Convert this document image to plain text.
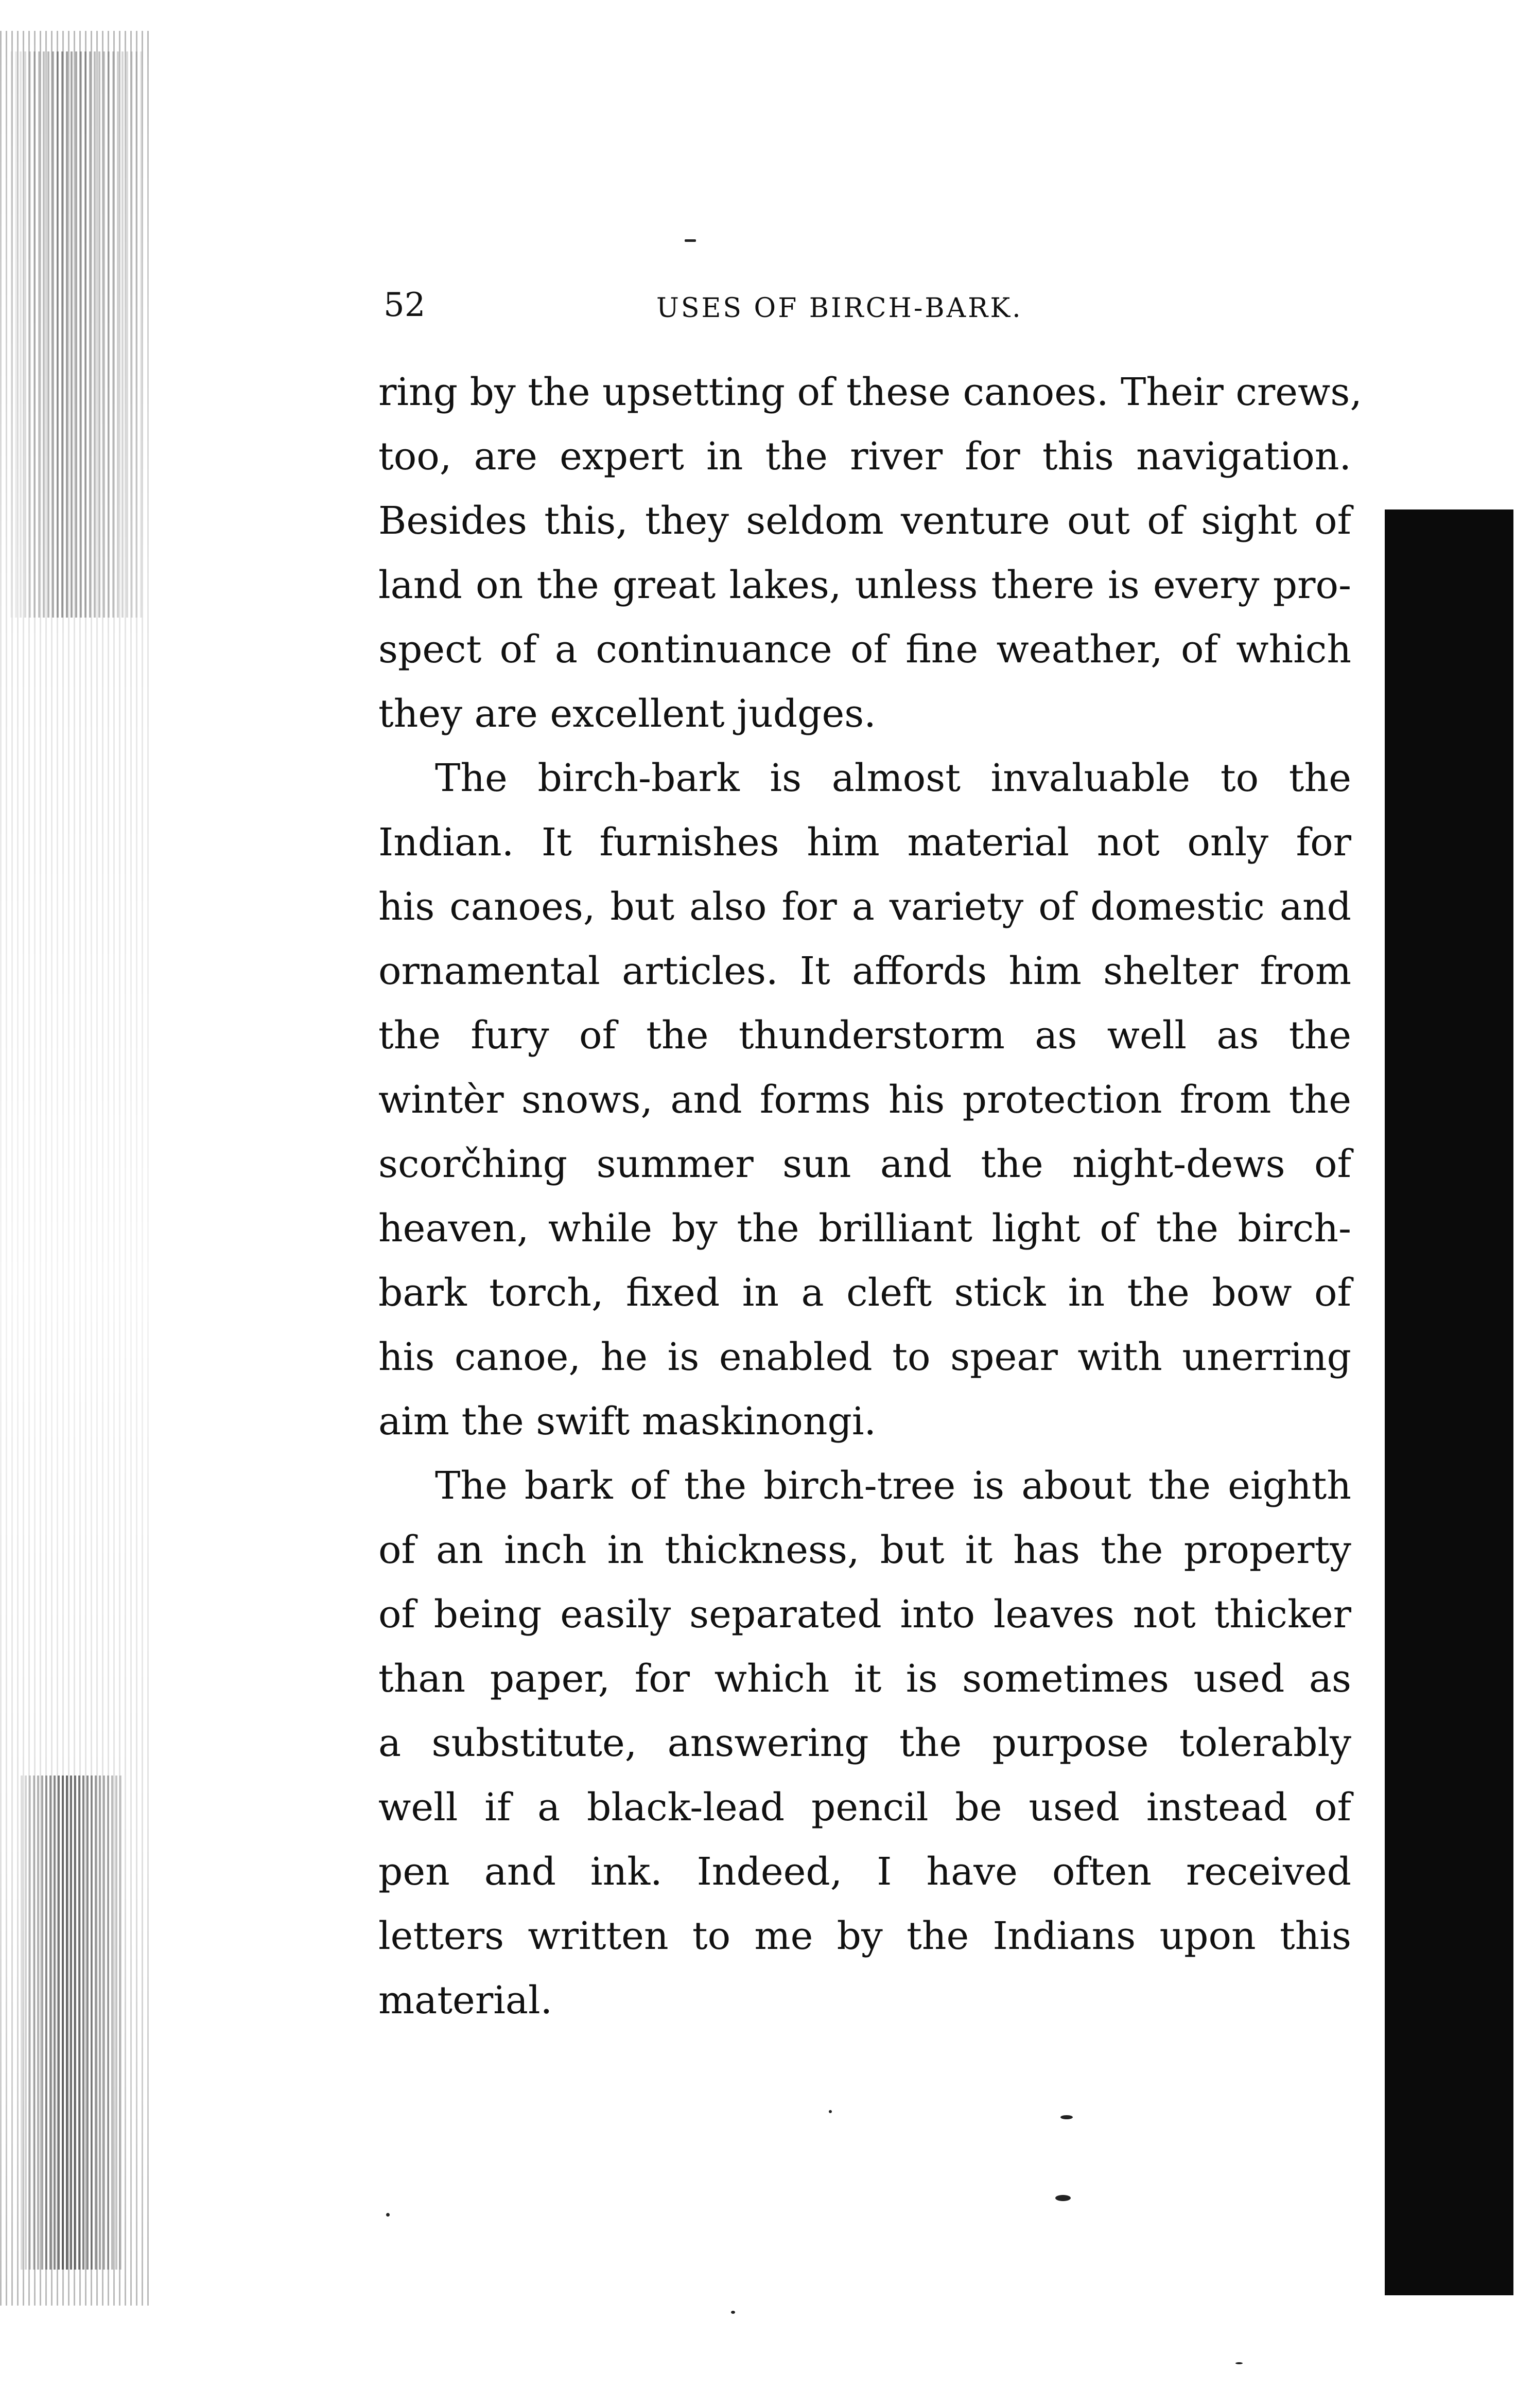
52	USES OF BIRCH-BARK.
ring by the upsetting of these canoes. Their crews,
too, are expert in the river for this navigation.
Besides this, they seldom venture out of sight of
land on the great lakes, unless there is every pro-
spect of a continuance of fine weather, of which
they are excellent judges.
The birch-bark is almost invaluable to the
Indian. It furnishes him material not only for
his canoes, but also for a variety of domestic and
ornamental articles. It affords him shelter from
the fury of the thunderstorm as well as the
wintèr snows, and forms his protection from the
scorčhing summer sun and the night-dews of
heaven, while by the brilliant light of the birch-
bark torch, fixed in a cleft stick in the bow of
his canoe, he is enabled to spear with unerring
aim the swift maskinongi.
The bark of the birch-tree is about the eighth
of an inch in thickness, but it has the property
of being easily separated into leaves not thicker
than paper, for which it is sometimes used as
a substitute, answering the purpose tolerably
well if a black-lead pencil be used instead of
pen and ink. Indeed, I have often received
letters written to me by the Indians upon this
material.
